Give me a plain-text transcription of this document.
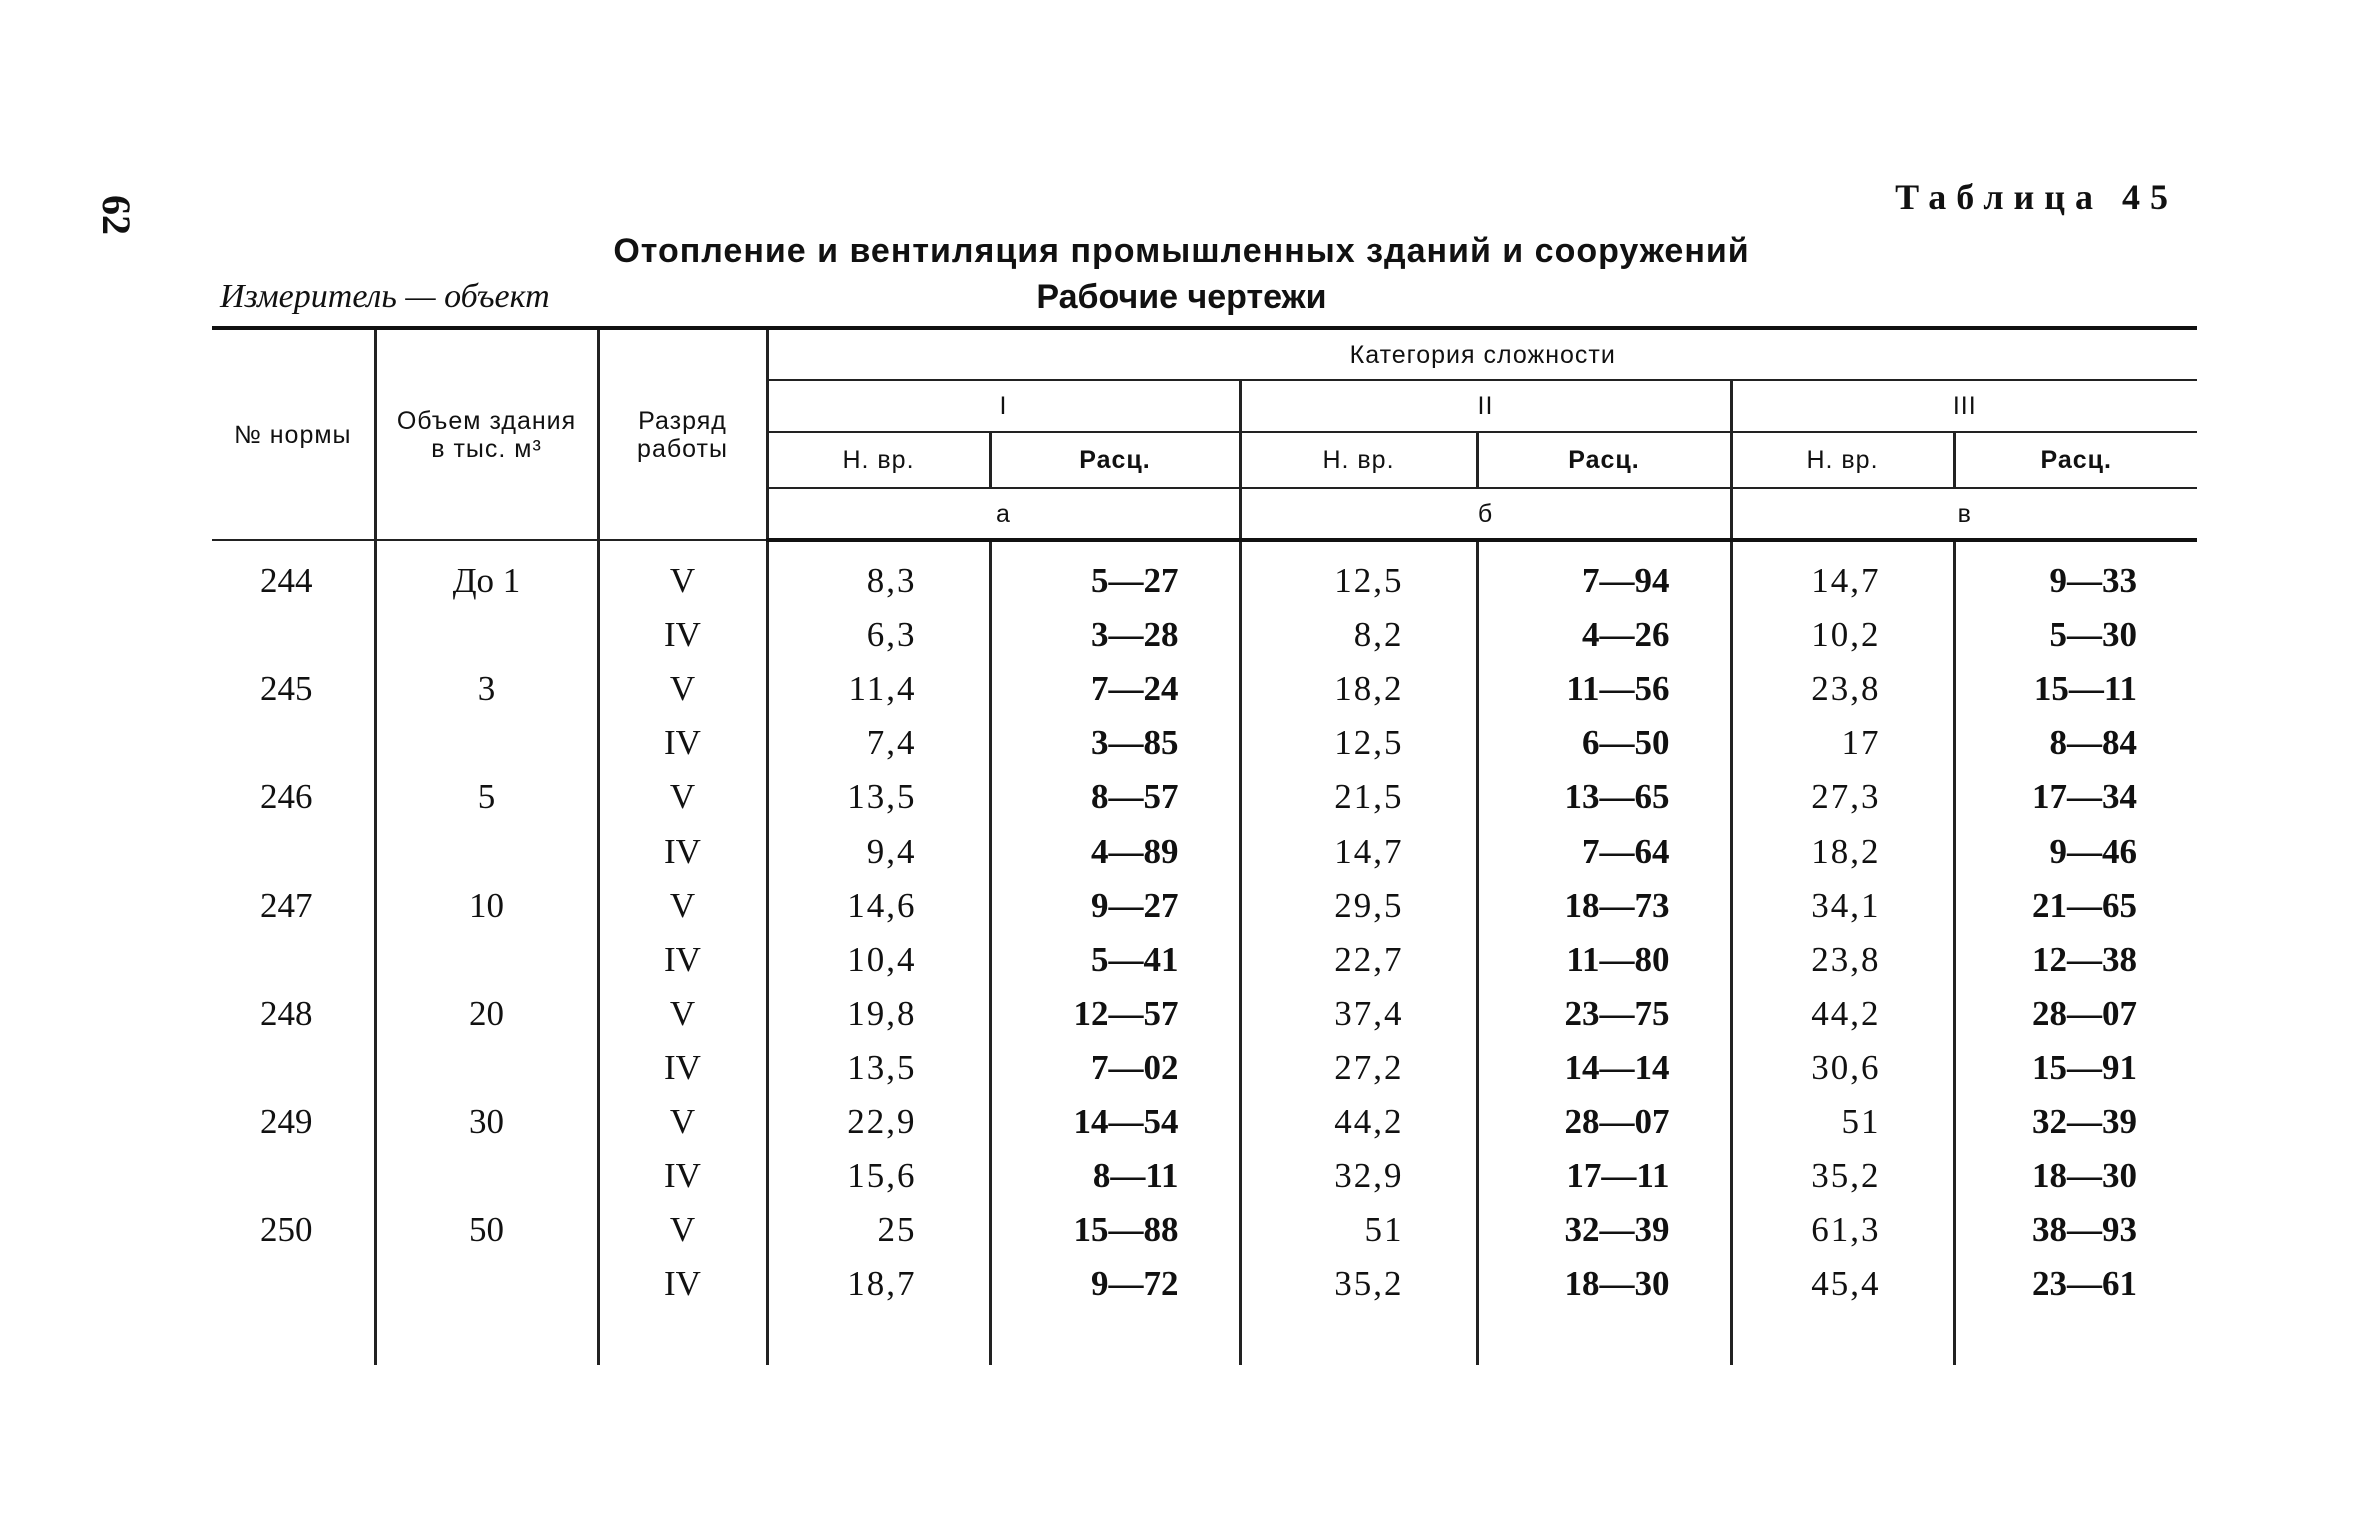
62	Таблица 45
Отопление и вентиляция промышленных зданий и сооружений
Измеритель — объект	Рабочие чертежи
№ нормы	Объем здания в тыс. м³	Разряд работы	Категория сложности					
			I		II		III	
			Н. вр.	Расц.	Н. вр.	Расц.	Н. вр.	Расц.
			а		б		в	
244	До 1	V	8,3	5—27	12,5	7—94	14,7	9—33
		IV	6,3	3—28	8,2	4—26	10,2	5—30
245	3	V	11,4	7—24	18,2	11—56	23,8	15—11
		IV	7,4	3—85	12,5	6—50	17	8—84
246	5	V	13,5	8—57	21,5	13—65	27,3	17—34
		IV	9,4	4—89	14,7	7—64	18,2	9—46
247	10	V	14,6	9—27	29,5	18—73	34,1	21—65
		IV	10,4	5—41	22,7	11—80	23,8	12—38
248	20	V	19,8	12—57	37,4	23—75	44,2	28—07
		IV	13,5	7—02	27,2	14—14	30,6	15—91
249	30	V	22,9	14—54	44,2	28—07	51	32—39
		IV	15,6	8—11	32,9	17—11	35,2	18—30
250	50	V	25	15—88	51	32—39	61,3	38—93
		IV	18,7	9—72	35,2	18—30	45,4	23—61
